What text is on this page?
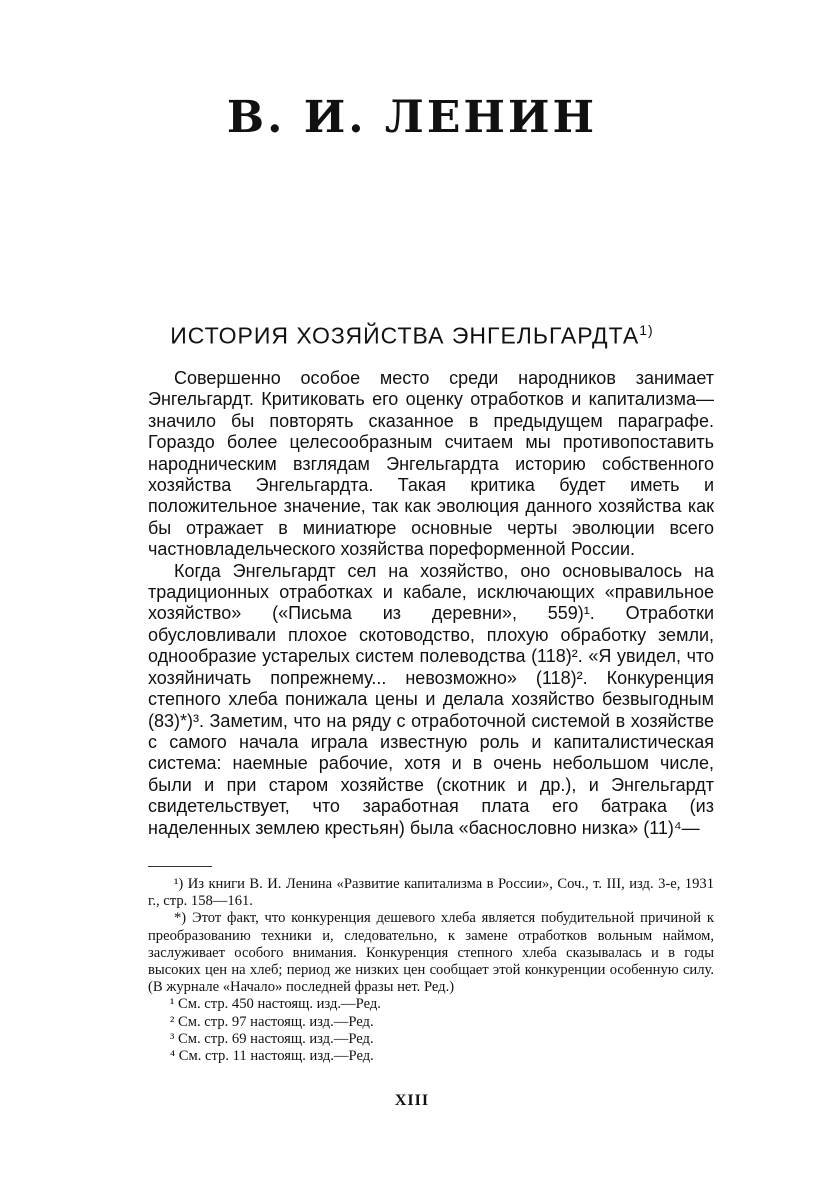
В. И. ЛЕНИН
ИСТОРИЯ ХОЗЯЙСТВА ЭНГЕЛЬГАРДТА$^{1)}$

Совершенно особое место среди народников занимает Энгельгардт. Критиковать его оценку отработков и капитализма—значило бы повторять сказанное в предыдущем параграфе. Гораздо более целесообразным считаем мы противопоставить народническим взглядам Энгельгардта историю собственного хозяйства Энгельгардта. Такая критика будет иметь и положительное значение, так как эволюция данного хозяйства как бы отражает в миниатюре основные черты эволюции всего частновладельческого хозяйства пореформенной России.

Когда Энгельгардт сел на хозяйство, оно основывалось на традиционных отработках и кабале, исключающих «правильное хозяйство» («Письма из деревни», 559)¹. Отработки обусловливали плохое скотоводство, плохую обработку земли, однообразие устарелых систем полеводства (118)². «Я увидел, что хозяйничать попрежнему... невозможно» (118)². Конкуренция степного хлеба понижала цены и делала хозяйство безвыгодным (83)*)³. Заметим, что на ряду с отработочной системой в хозяйстве с самого начала играла известную роль и капиталистическая система: наемные рабочие, хотя и в очень небольшом числе, были и при старом хозяйстве (скотник и др.), и Энгельгардт свидетельствует, что заработная плата его батрака (из наделенных землею крестьян) была «баснословно низка» (11)⁴—

¹) Из книги В. И. Ленина «Развитие капитализма в России», Соч., т. III, изд. 3-е, 1931 г., стр. 158—161.

*) Этот факт, что конкуренция дешевого хлеба является побудительной причиной к преобразованию техники и, следовательно, к замене отработков вольным наймом, заслуживает особого внимания. Конкуренция степного хлеба сказывалась и в годы высоких цен на хлеб; период же низких цен сообщает этой конкуренции особенную силу. (В журнале «Начало» последней фразы нет. Ред.)

¹ См. стр. 450 настоящ. изд.—Ред.
² См. стр. 97 настоящ. изд.—Ред.
³ См. стр. 69 настоящ. изд.—Ред.
⁴ См. стр. 11 настоящ. изд.—Ред.
XIII
